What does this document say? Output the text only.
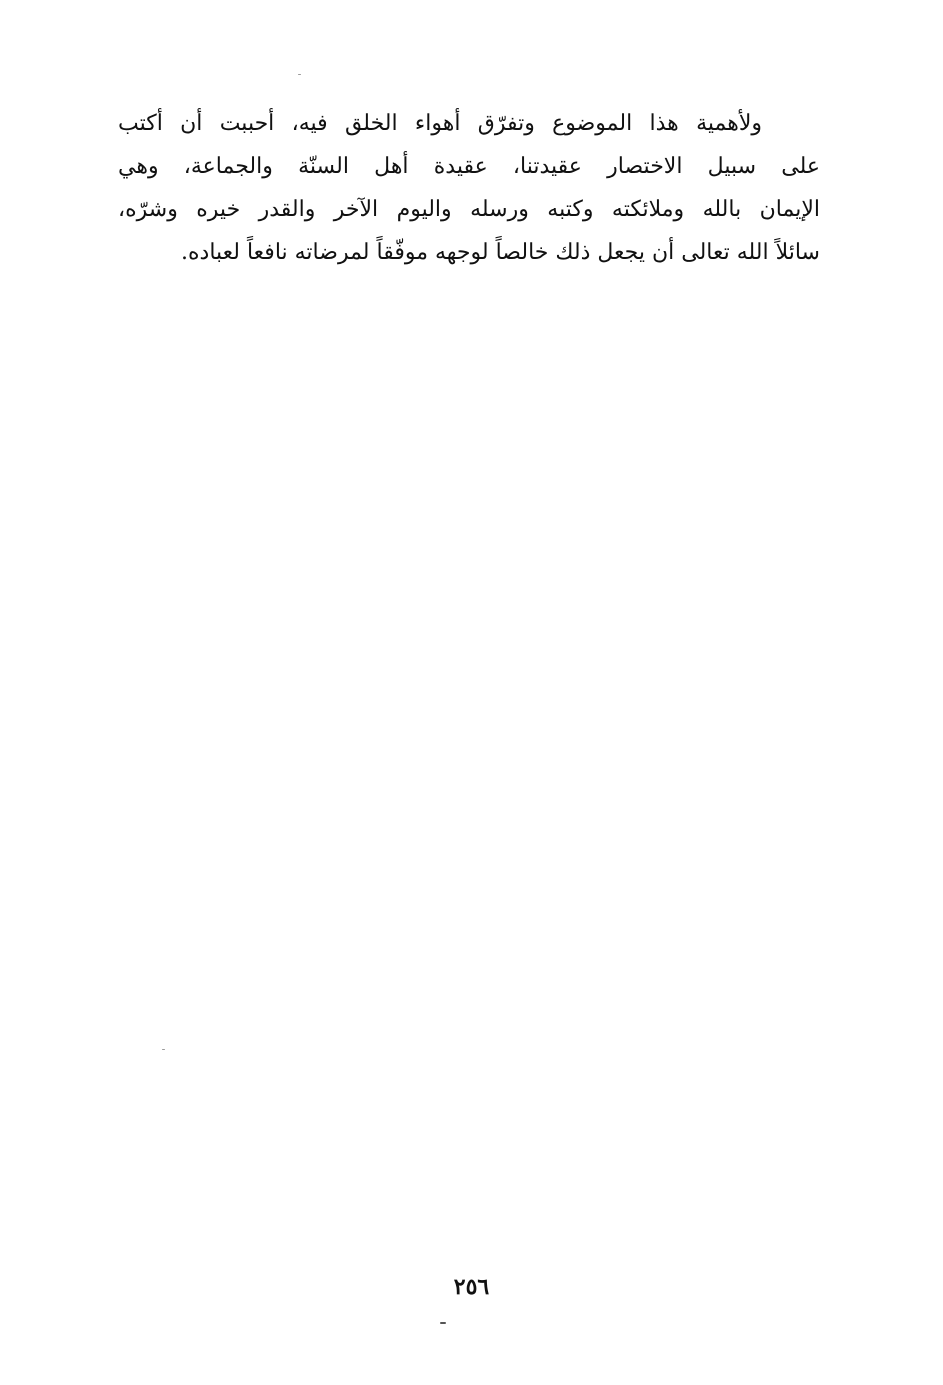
ولأهمية هذا الموضوع وتفرّق أهواء الخلق فيه، أحببت أن أكتب
على سبيل الاختصار عقيدتنا، عقيدة أهل السنّة والجماعة، وهي
الإيمان بالله وملائكته وكتبه ورسله واليوم الآخر والقدر خيره وشرّه،
سائلاً الله تعالى أن يجعل ذلك خالصاً لوجهه موفّقاً لمرضاته نافعاً لعباده.
٢٥٦
